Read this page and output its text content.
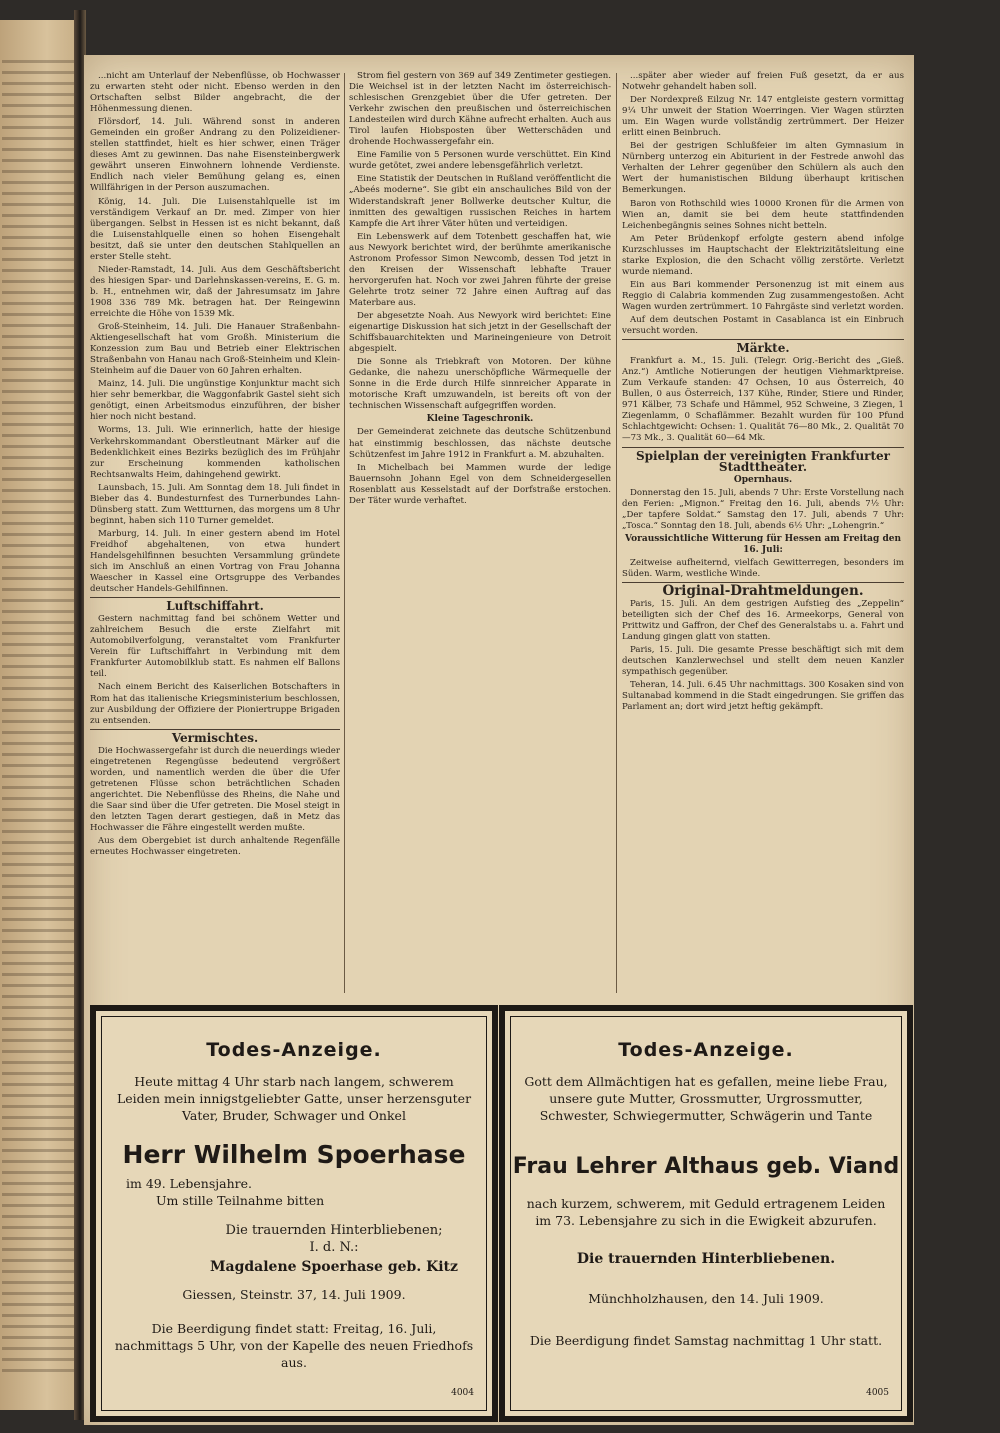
...nicht am Unterlauf der Nebenflüsse, ob Hochwasser zu erwarten steht oder nicht. Ebenso werden in den Ortschaften selbst Bilder angebracht, die der Höhenmessung dienen.

Flörsdorf, 14. Juli. Während sonst in anderen Gemeinden ein großer Andrang zu den Polizeidiener-stellen stattfindet, hielt es hier schwer, einen Träger dieses Amt zu gewinnen. Das nahe Eisensteinbergwerk gewährt unseren Einwohnern lohnende Verdienste. Endlich nach vieler Bemühung gelang es, einen Willfährigen in der Person auszumachen.

König, 14. Juli. Die Luisenstahlquelle ist im verständigem Verkauf an Dr. med. Zimper von hier übergangen. Selbst in Hessen ist es nicht bekannt, daß die Luisenstahlquelle einen so hohen Eisengehalt besitzt, daß sie unter den deutschen Stahlquellen an erster Stelle steht.

Nieder-Ramstadt, 14. Juli. Aus dem Geschäftsbericht des hiesigen Spar- und Darlehnskassen-vereins, E. G. m. b. H., entnehmen wir, daß der Jahresumsatz im Jahre 1908 336 789 Mk. betragen hat. Der Reingewinn erreichte die Höhe von 1539 Mk.

Groß-Steinheim, 14. Juli. Die Hanauer Straßenbahn-Aktiengesellschaft hat vom Großh. Ministerium die Konzession zum Bau und Betrieb einer Elektrischen Straßenbahn von Hanau nach Groß-Steinheim und Klein-Steinheim auf die Dauer von 60 Jahren erhalten.

Mainz, 14. Juli. Die ungünstige Konjunktur macht sich hier sehr bemerkbar, die Waggonfabrik Gastel sieht sich genötigt, einen Arbeitsmodus einzuführen, der bisher hier noch nicht bestand.

Worms, 13. Juli. Wie erinnerlich, hatte der hiesige Verkehrskommandant Oberstleutnant Märker auf die Bedenklichkeit eines Bezirks bezüglich des im Frühjahr zur Erscheinung kommenden katholischen Rechtsanwalts Heim, dahingehend gewirkt.

Launsbach, 15. Juli. Am Sonntag dem 18. Juli findet in Bieber das 4. Bundesturnfest des Turnerbundes Lahn-Dünsberg statt. Zum Wettturnen, das morgens um 8 Uhr beginnt, haben sich 110 Turner gemeldet.

Marburg, 14. Juli. In einer gestern abend im Hotel Freidhof abgehaltenen, von etwa hundert Handelsgehilfinnen besuchten Versammlung gründete sich im Anschluß an einen Vortrag von Frau Johanna Waescher in Kassel eine Ortsgruppe des Verbandes deutscher Handels-Gehilfinnen.

Luftschiffahrt.

Gestern nachmittag fand bei schönem Wetter und zahlreichem Besuch die erste Zielfahrt mit Automobilverfolgung, veranstaltet vom Frankfurter Verein für Luftschiffahrt in Verbindung mit dem Frankfurter Automobilklub statt. Es nahmen elf Ballons teil.

Nach einem Bericht des Kaiserlichen Botschafters in Rom hat das italienische Kriegsministerium beschlossen, zur Ausbildung der Offiziere der Pioniertruppe Brigaden zu entsenden.

Vermischtes.

Die Hochwassergefahr ist durch die neuerdings wieder eingetretenen Regengüsse bedeutend vergrößert worden, und namentlich werden die über die Ufer getretenen Flüsse schon beträchtlichen Schaden angerichtet. Die Nebenflüsse des Rheins, die Nahe und die Saar sind über die Ufer getreten. Die Mosel steigt in den letzten Tagen derart gestiegen, daß in Metz das Hochwasser die Fähre eingestellt werden mußte.

Aus dem Obergebiet ist durch anhaltende Regenfälle erneutes Hochwasser eingetreten.

Strom fiel gestern von 369 auf 349 Zentimeter gestiegen. Die Weichsel ist in der letzten Nacht im österreichisch-schlesischen Grenzgebiet über die Ufer getreten. Der Verkehr zwischen den preußischen und österreichischen Landesteilen wird durch Kähne aufrecht erhalten. Auch aus Tirol laufen Hiobsposten über Wetterschäden und drohende Hochwassergefahr ein.

Eine Familie von 5 Personen wurde verschüttet. Ein Kind wurde getötet, zwei andere lebensgefährlich verletzt.

Eine Statistik der Deutschen in Rußland veröffentlicht die „Abeés moderne“. Sie gibt ein anschauliches Bild von der Widerstandskraft jener Bollwerke deutscher Kultur, die inmitten des gewaltigen russischen Reiches in hartem Kampfe die Art ihrer Väter hüten und verteidigen.

Ein Lebenswerk auf dem Totenbett geschaffen hat, wie aus Newyork berichtet wird, der berühmte amerikanische Astronom Professor Simon Newcomb, dessen Tod jetzt in den Kreisen der Wissenschaft lebhafte Trauer hervorgerufen hat. Noch vor zwei Jahren führte der greise Gelehrte trotz seiner 72 Jahre einen Auftrag auf das Materbare aus.

Der abgesetzte Noah. Aus Newyork wird berichtet: Eine eigenartige Diskussion hat sich jetzt in der Gesellschaft der Schiffsbauarchitekten und Marineingenieure von Detroit abgespielt.

Die Sonne als Triebkraft von Motoren. Der kühne Gedanke, die nahezu unerschöpfliche Wärmequelle der Sonne in die Erde durch Hilfe sinnreicher Apparate in motorische Kraft umzuwandeln, ist bereits oft von der technischen Wissenschaft aufgegriffen worden.

Kleine Tageschronik.

Der Gemeinderat zeichnete das deutsche Schützenbund hat einstimmig beschlossen, das nächste deutsche Schützenfest im Jahre 1912 in Frankfurt a. M. abzuhalten.

In Michelbach bei Mammen wurde der ledige Bauernsohn Johann Egel von dem Schneidergesellen Rosenblatt aus Kesselstadt auf der Dorfstraße erstochen. Der Täter wurde verhaftet.

...später aber wieder auf freien Fuß gesetzt, da er aus Notwehr gehandelt haben soll.

Der Nordexpreß Eilzug Nr. 147 entgleiste gestern vormittag 9¼ Uhr unweit der Station Woerringen. Vier Wagen stürzten um. Ein Wagen wurde vollständig zertrümmert. Der Heizer erlitt einen Beinbruch.

Bei der gestrigen Schlußfeier im alten Gymnasium in Nürnberg unterzog ein Abiturient in der Festrede anwohl das Verhalten der Lehrer gegenüber den Schülern als auch den Wert der humanistischen Bildung überhaupt kritischen Bemerkungen.

Baron von Rothschild wies 10000 Kronen für die Armen von Wien an, damit sie bei dem heute stattfindenden Leichenbegängnis seines Sohnes nicht betteln.

Am Peter Brüdenkopf erfolgte gestern abend infolge Kurzschlusses im Hauptschacht der Elektrizitätsleitung eine starke Explosion, die den Schacht völlig zerstörte. Verletzt wurde niemand.

Ein aus Bari kommender Personenzug ist mit einem aus Reggio di Calabria kommenden Zug zusammengestoßen. Acht Wagen wurden zertrümmert. 10 Fahrgäste sind verletzt worden.

Auf dem deutschen Postamt in Casablanca ist ein Einbruch versucht worden.

Märkte.

Frankfurt a. M., 15. Juli. (Telegr. Orig.-Bericht des „Gieß. Anz.“) Amtliche Notierungen der heutigen Viehmarktpreise. Zum Verkaufe standen: 47 Ochsen, 10 aus Österreich, 40 Bullen, 0 aus Österreich, 137 Kühe, Rinder, Stiere und Rinder, 971 Kälber, 73 Schafe und Hämmel, 952 Schweine, 3 Ziegen, 1 Ziegenlamm, 0 Schaflämmer. Bezahlt wurden für 100 Pfund Schlachtgewicht: Ochsen: 1. Qualität 76—80 Mk., 2. Qualität 70—73 Mk., 3. Qualität 60—64 Mk.

Spielplan der vereinigten Frankfurter Stadttheater.

Opernhaus.

Donnerstag den 15. Juli, abends 7 Uhr: Erste Vorstellung nach den Ferien: „Mignon.“ Freitag den 16. Juli, abends 7½ Uhr: „Der tapfere Soldat.“ Samstag den 17. Juli, abends 7 Uhr: „Tosca.“ Sonntag den 18. Juli, abends 6½ Uhr: „Lohengrin.“

Voraussichtliche Witterung für Hessen am Freitag den 16. Juli:

Zeitweise aufheiternd, vielfach Gewitterregen, besonders im Süden. Warm, westliche Winde.

Original-Drahtmeldungen.

Paris, 15. Juli. An dem gestrigen Aufstieg des „Zeppelin“ beteiligten sich der Chef des 16. Armeekorps, General von Prittwitz und Gaffron, der Chef des Generalstabs u. a. Fahrt und Landung gingen glatt von statten.

Paris, 15. Juli. Die gesamte Presse beschäftigt sich mit dem deutschen Kanzlerwechsel und stellt dem neuen Kanzler sympathisch gegenüber.

Teheran, 14. Juli. 6.45 Uhr nachmittags. 300 Kosaken sind von Sultanabad kommend in die Stadt eingedrungen. Sie griffen das Parlament an; dort wird jetzt heftig gekämpft.

Todes-Anzeige.
Heute mittag 4 Uhr starb nach langem, schwerem Leiden mein innigstgeliebter Gatte, unser herzensguter Vater, Bruder, Schwager und Onkel
Herr Wilhelm Spoerhase
im 49. Lebensjahre.
Um stille Teilnahme bitten
Die trauernden Hinterbliebenen;
I. d. N.:
Magdalene Spoerhase geb. Kitz
Giessen, Steinstr. 37, 14. Juli 1909.
Die Beerdigung findet statt: Freitag, 16. Juli, nachmittags 5 Uhr, von der Kapelle des neuen Friedhofs aus.
4004
Todes-Anzeige.
Gott dem Allmächtigen hat es gefallen, meine liebe Frau, unsere gute Mutter, Grossmutter, Urgrossmutter, Schwester, Schwiegermutter, Schwägerin und Tante
Frau Lehrer Althaus geb. Viand
nach kurzem, schwerem, mit Geduld ertragenem Leiden im 73. Lebensjahre zu sich in die Ewigkeit abzurufen.
Die trauernden Hinterbliebenen.
Münchholzhausen, den 14. Juli 1909.
Die Beerdigung findet Samstag nachmittag 1 Uhr statt.
4005
